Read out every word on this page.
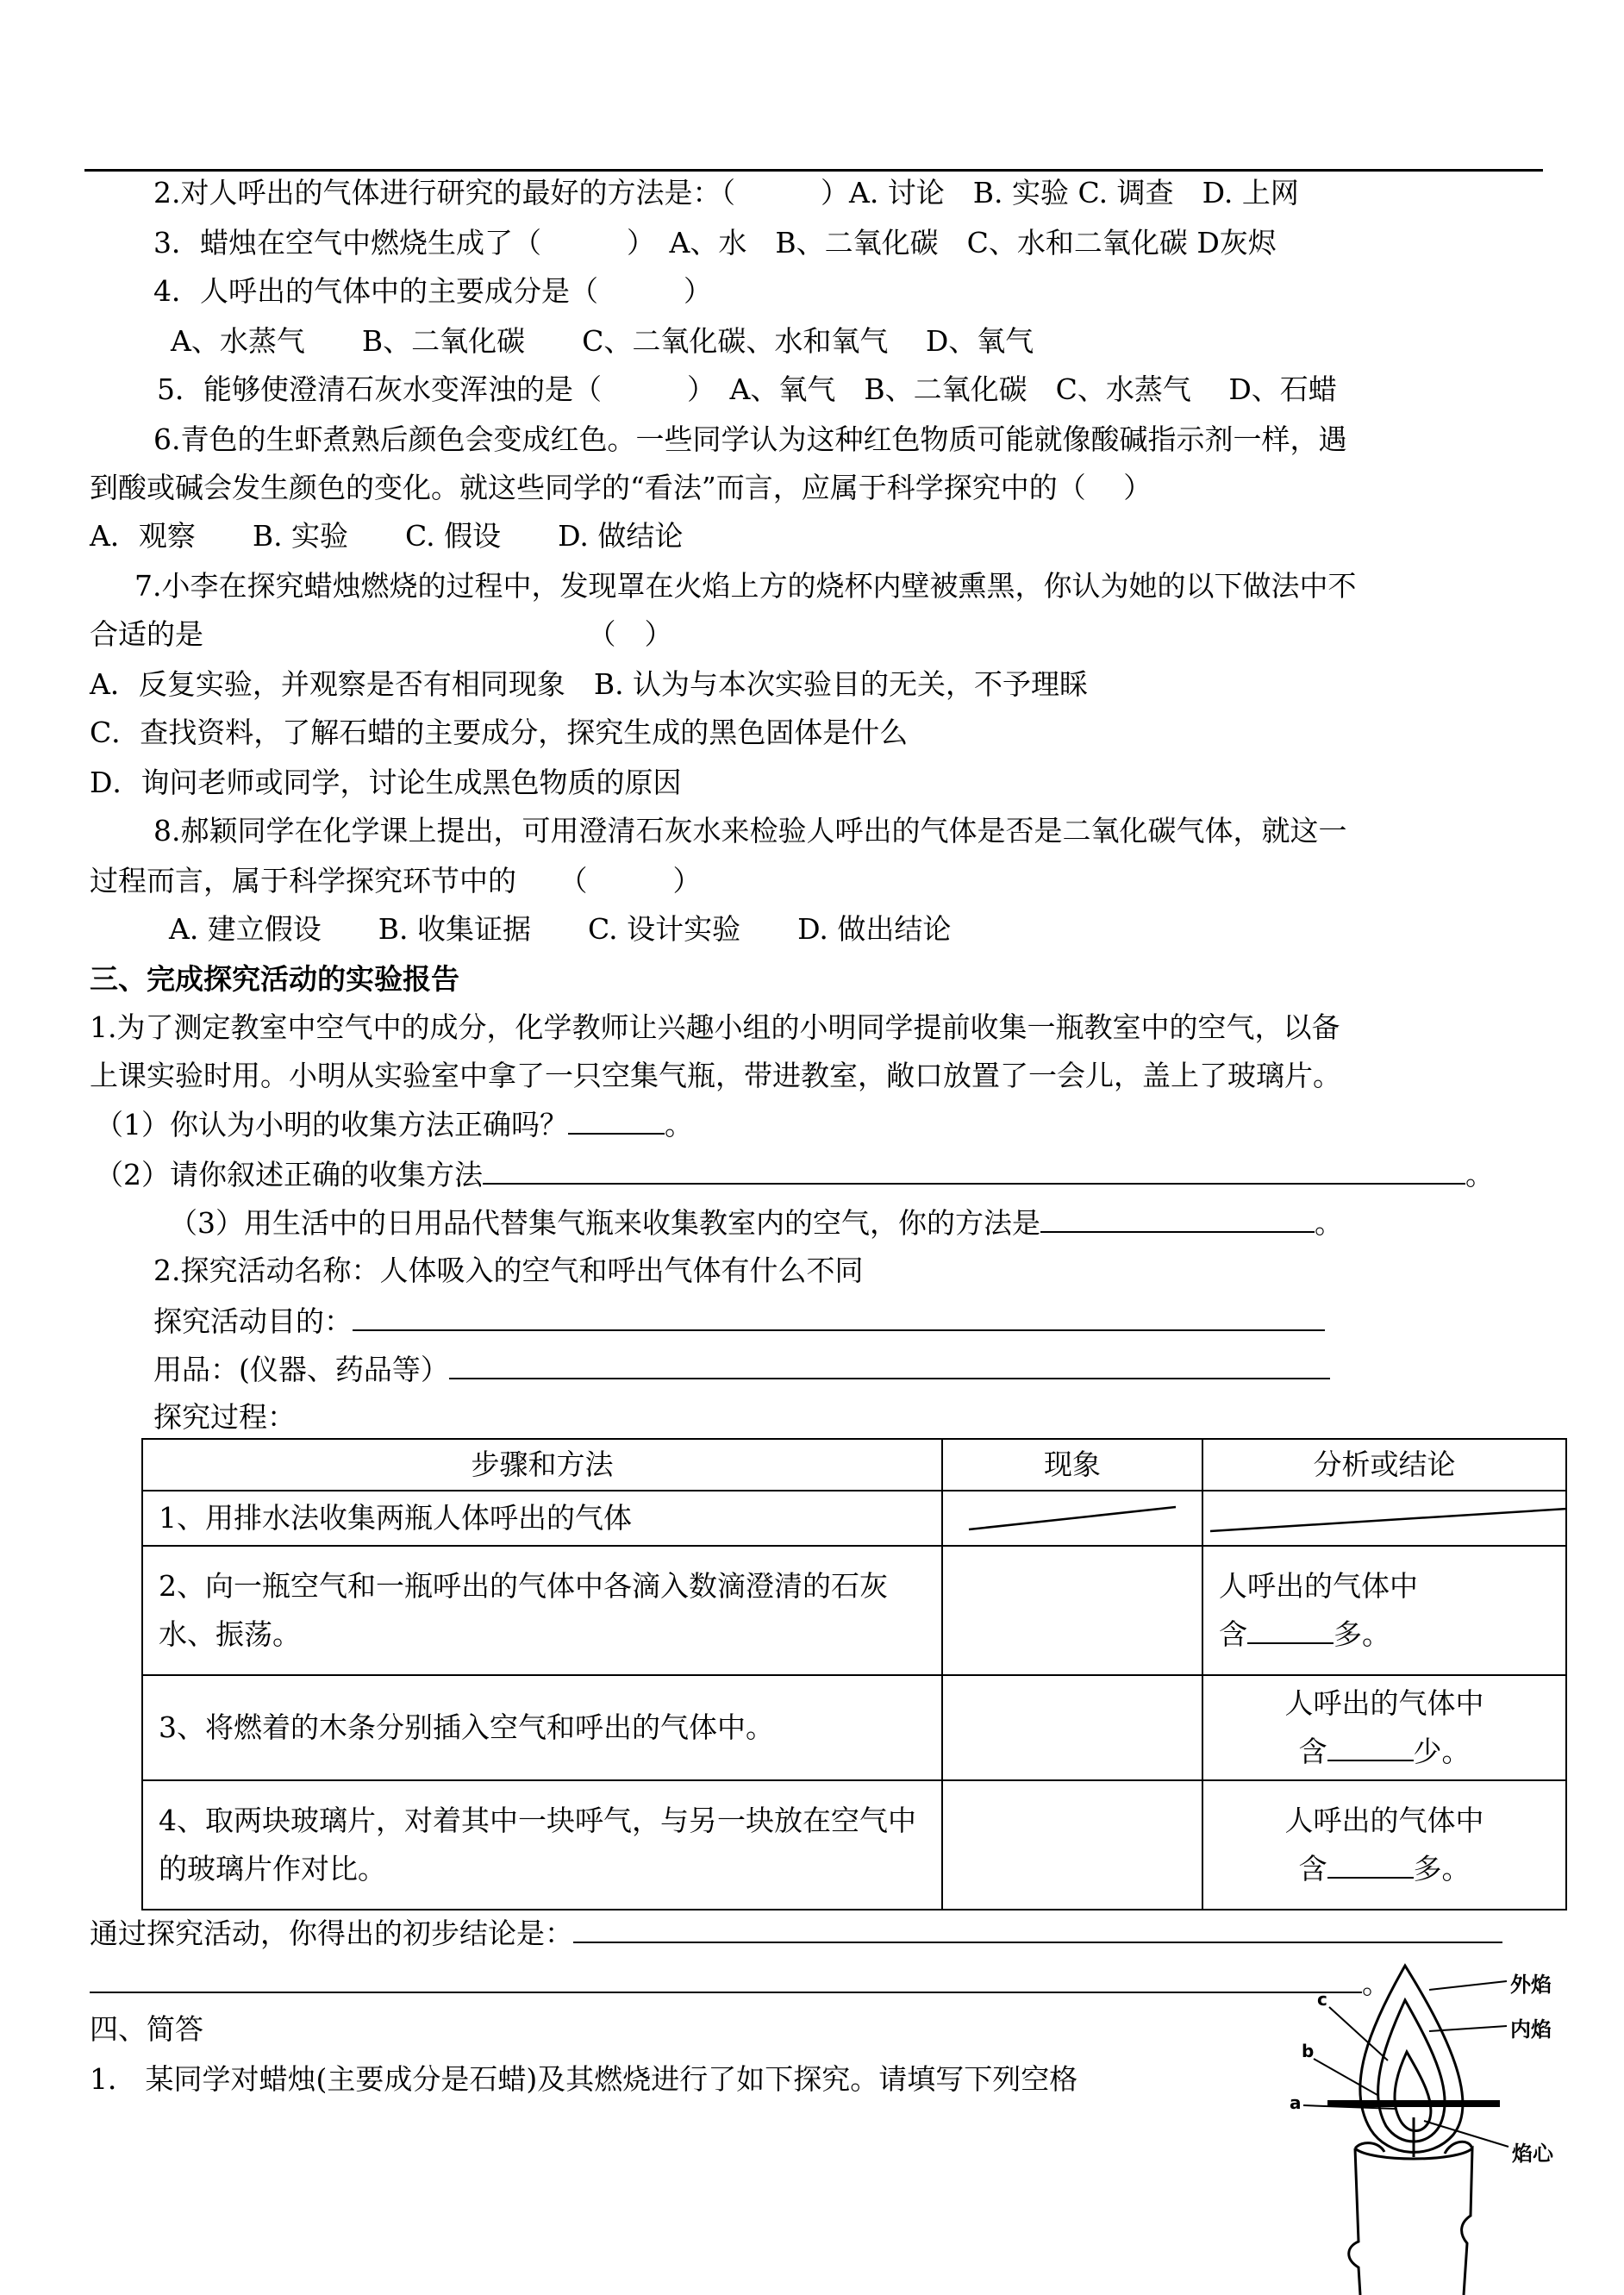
2.对人呼出的气体进行研究的最好的方法是：（　　　）A. 讨论　B. 实验 C. 调查　D. 上网
3．蜡烛在空气中燃烧生成了（　　　）　A、水　B、二氧化碳　C、水和二氧化碳 D灰烬
4．人呼出的气体中的主要成分是（　　　）
A、水蒸气　　B、二氧化碳　　C、二氧化碳、水和氧气　 D、氧气
5．能够使澄清石灰水变浑浊的是（　　　）　A、氧气　B、二氧化碳　C、水蒸气　 D、石蜡
6.青色的生虾煮熟后颜色会变成红色。一些同学认为这种红色物质可能就像酸碱指示剂一样，遇
到酸或碱会发生颜色的变化。就这些同学的“看法”而言，应属于科学探究中的（　 ）
A．观察　　B. 实验　　C. 假设　　D. 做结论
7.小李在探究蜡烛燃烧的过程中，发现罩在火焰上方的烧杯内壁被熏黑，你认为她的以下做法中不
合适的是　　　　　　　　　　　　　　（　）
A．反复实验，并观察是否有相同现象　B. 认为与本次实验目的无关，不予理睬
C．查找资料，了解石蜡的主要成分，探究生成的黑色固体是什么
D．询问老师或同学，讨论生成黑色物质的原因
8.郝颖同学在化学课上提出，可用澄清石灰水来检验人呼出的气体是否是二氧化碳气体，就这一
过程而言，属于科学探究环节中的　　（　　　）
A. 建立假设　　B. 收集证据　　C. 设计实验　　D. 做出结论
三、完成探究活动的实验报告
1.为了测定教室中空气中的成分，化学教师让兴趣小组的小明同学提前收集一瓶教室中的空气，以备
上课实验时用。小明从实验室中拿了一只空集气瓶，带进教室，敞口放置了一会儿，盖上了玻璃片。
（1）你认为小明的收集方法正确吗？	。
（2）请你叙述正确的收集方法	。
（3）用生活中的日用品代替集气瓶来收集教室内的空气，你的方法是	。
2.探究活动名称：人体吸入的空气和呼出气体有什么不同
探究活动目的：
用品：(仪器、药品等）
探究过程：
步骤和方法	现象	分析或结论
1、用排水法收集两瓶人体呼出的气体	

2、向一瓶空气和一瓶呼出的气体中各滴入数滴澄清的石灰水、振荡。		人呼出的气体中
含 多。

3、将燃着的木条分别插入空气和呼出的气体中。		人呼出的气体中
含 少。

4、取两块玻璃片，对着其中一块呼气，与另一块放在空气中的玻璃片作对比。		人呼出的气体中
含 多。
通过探究活动，你得出的初步结论是：
。
四、简答
1． 某同学对蜡烛(主要成分是石蜡)及其燃烧进行了如下探究。请填写下列空格
外焰
内焰
焰心
c
b
a
